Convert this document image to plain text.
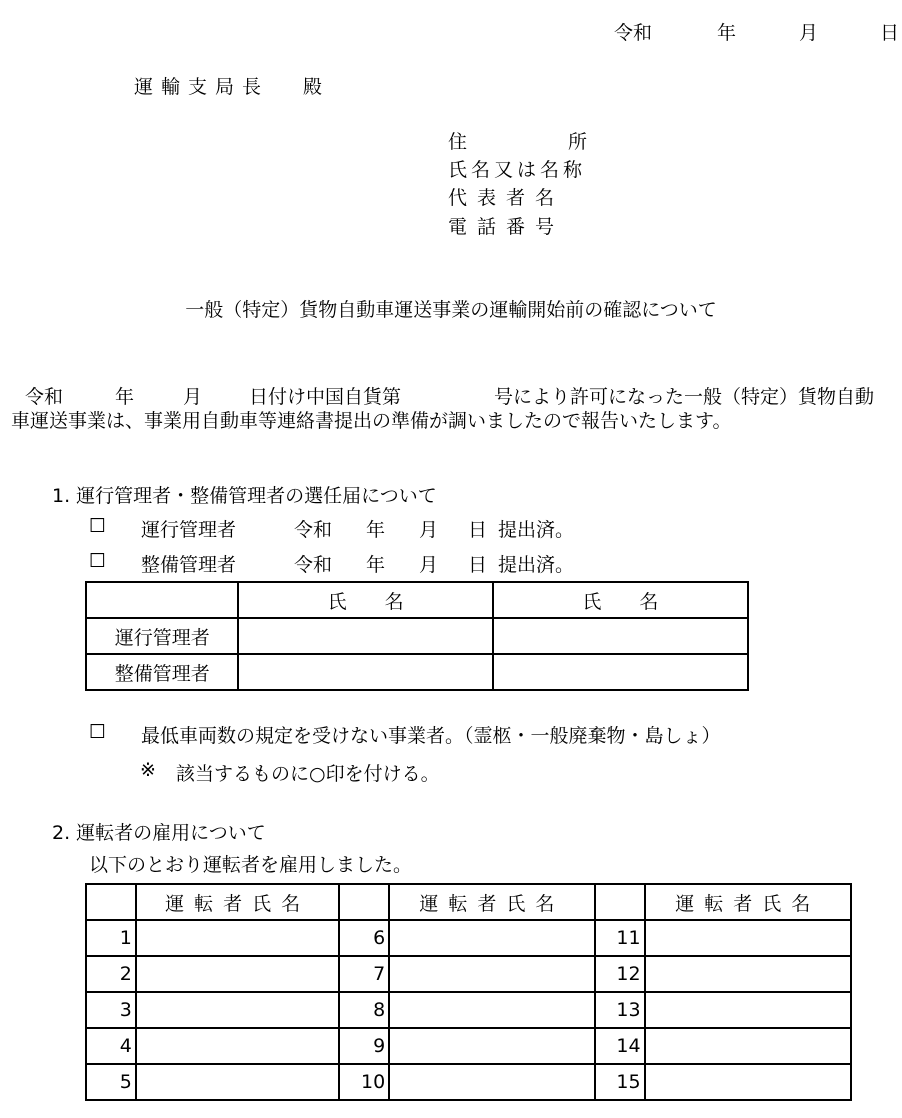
令和	年	月	日
運輸支局長 殿
住	所
氏名又は名称
代表者名
電話番号
一般（特定）貨物自動車運送事業の運輸開始前の確認について
令和	年	月 日付け中国自貨第	号により許可になった一般（特定）貨物自動
車運送事業は、事業用自動車等連絡書提出の準備が調いましたので報告いたします。
1. 運行管理者・整備管理者の選任届について
☐ 運行管理者	令和 年 月 日 提出済。
☐ 整備管理者	令和 年 月 日 提出済。
	氏　　名	氏　　名
運行管理者		
整備管理者		
☐ 最低車両数の規定を受けない事業者。（霊柩・一般廃棄物・島しょ）
※ 該当するものに○印を付ける。
2. 運転者の雇用について
以下のとおり運転者を雇用しました。
	運転者氏名		運転者氏名		運転者氏名
1		6		11	
2		7		12	
3		8		13	
4		9		14	
5		10		15	
